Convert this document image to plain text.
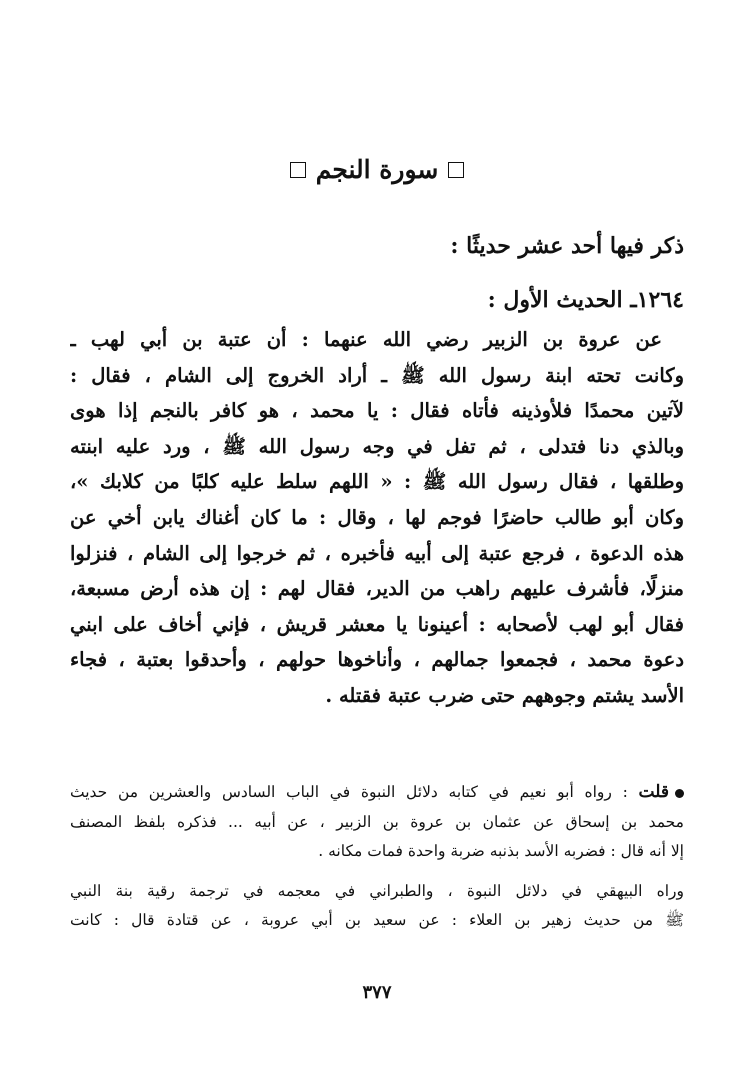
سورة النجم
ذكر فيها أحد عشر حديثًا :
١٢٦٤ـ الحديث الأول :
عن عروة بن الزبير رضي الله عنهما : أن عتبة بن أبي لهب ـ
وكانت تحته ابنة رسول الله ﷺ ـ أراد الخروج إلى الشام ، فقال :
لآتين محمدًا فلأوذينه فأتاه فقال : يا محمد ، هو كافر بالنجم إذا هوى
وبالذي دنا فتدلى ، ثم تفل في وجه رسول الله ﷺ ، ورد عليه ابنته
وطلقها ، فقال رسول الله ﷺ : « اللهم سلط عليه كلبًا من كلابك »،
وكان أبو طالب حاضرًا فوجم لها ، وقال : ما كان أغناك يابن أخي عن
هذه الدعوة ، فرجع عتبة إلى أبيه فأخبره ، ثم خرجوا إلى الشام ، فنزلوا
منزلًا، فأشرف عليهم راهب من الدير، فقال لهم : إن هذه أرض مسبعة،
فقال أبو لهب لأصحابه : أعينونا يا معشر قريش ، فإني أخاف على ابني
دعوة محمد ، فجمعوا جمالهم ، وأناخوها حولهم ، وأحدقوا بعتبة ، فجاء
الأسد يشتم وجوههم حتى ضرب عتبة فقتله .
قلت : رواه أبو نعيم في كتابه دلائل النبوة في الباب السادس والعشرين من حديث
محمد بن إسحاق عن عثمان بن عروة بن الزبير ، عن أبيه ... فذكره بلفظ المصنف
إلا أنه قال : فضربه الأسد بذنبه ضربة واحدة فمات مكانه .
وراه البيهقي في دلائل النبوة ، والطبراني في معجمه في ترجمة رقية بنة النبي
ﷺ من حديث زهير بن العلاء : عن سعيد بن أبي عروبة ، عن قتادة قال : كانت
٣٧٧
